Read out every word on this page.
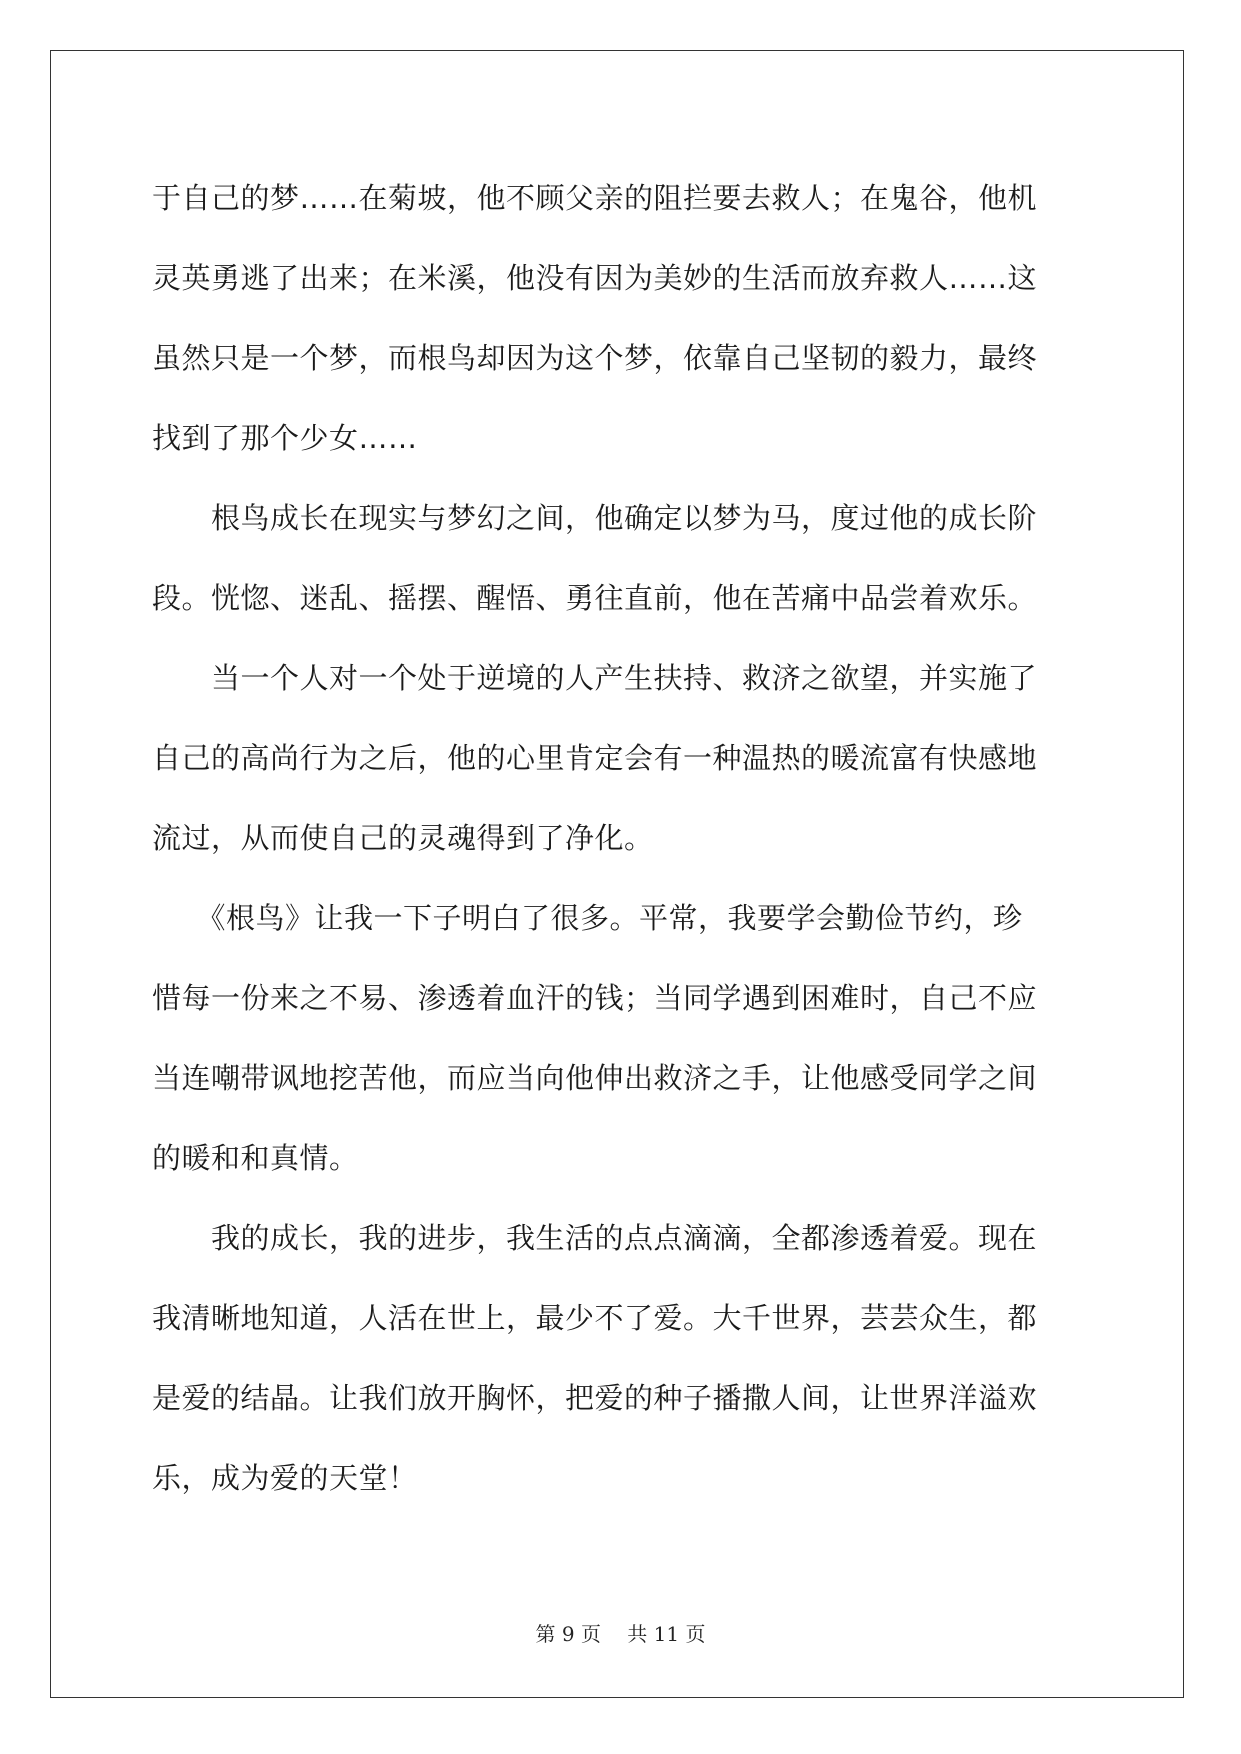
于自己的梦……在菊坡，他不顾父亲的阻拦要去救人；在鬼谷，他机
灵英勇逃了出来；在米溪，他没有因为美妙的生活而放弃救人……这
虽然只是一个梦，而根鸟却因为这个梦，依靠自己坚韧的毅力，最终
找到了那个少女……
　　根鸟成长在现实与梦幻之间，他确定以梦为马，度过他的成长阶
段。恍惚、迷乱、摇摆、醒悟、勇往直前，他在苦痛中品尝着欢乐。
　　当一个人对一个处于逆境的人产生扶持、救济之欲望，并实施了
自己的高尚行为之后，他的心里肯定会有一种温热的暖流富有快感地
流过，从而使自己的灵魂得到了净化。
　　《根鸟》让我一下子明白了很多。平常，我要学会勤俭节约，珍
惜每一份来之不易、渗透着血汗的钱；当同学遇到困难时，自己不应
当连嘲带讽地挖苦他，而应当向他伸出救济之手，让他感受同学之间
的暖和和真情。
　　我的成长，我的进步，我生活的点点滴滴，全都渗透着爱。现在
我清晰地知道，人活在世上，最少不了爱。大千世界，芸芸众生，都
是爱的结晶。让我们放开胸怀，把爱的种子播撒人间，让世界洋溢欢
乐，成为爱的天堂！
第 9 页　 共 11 页
